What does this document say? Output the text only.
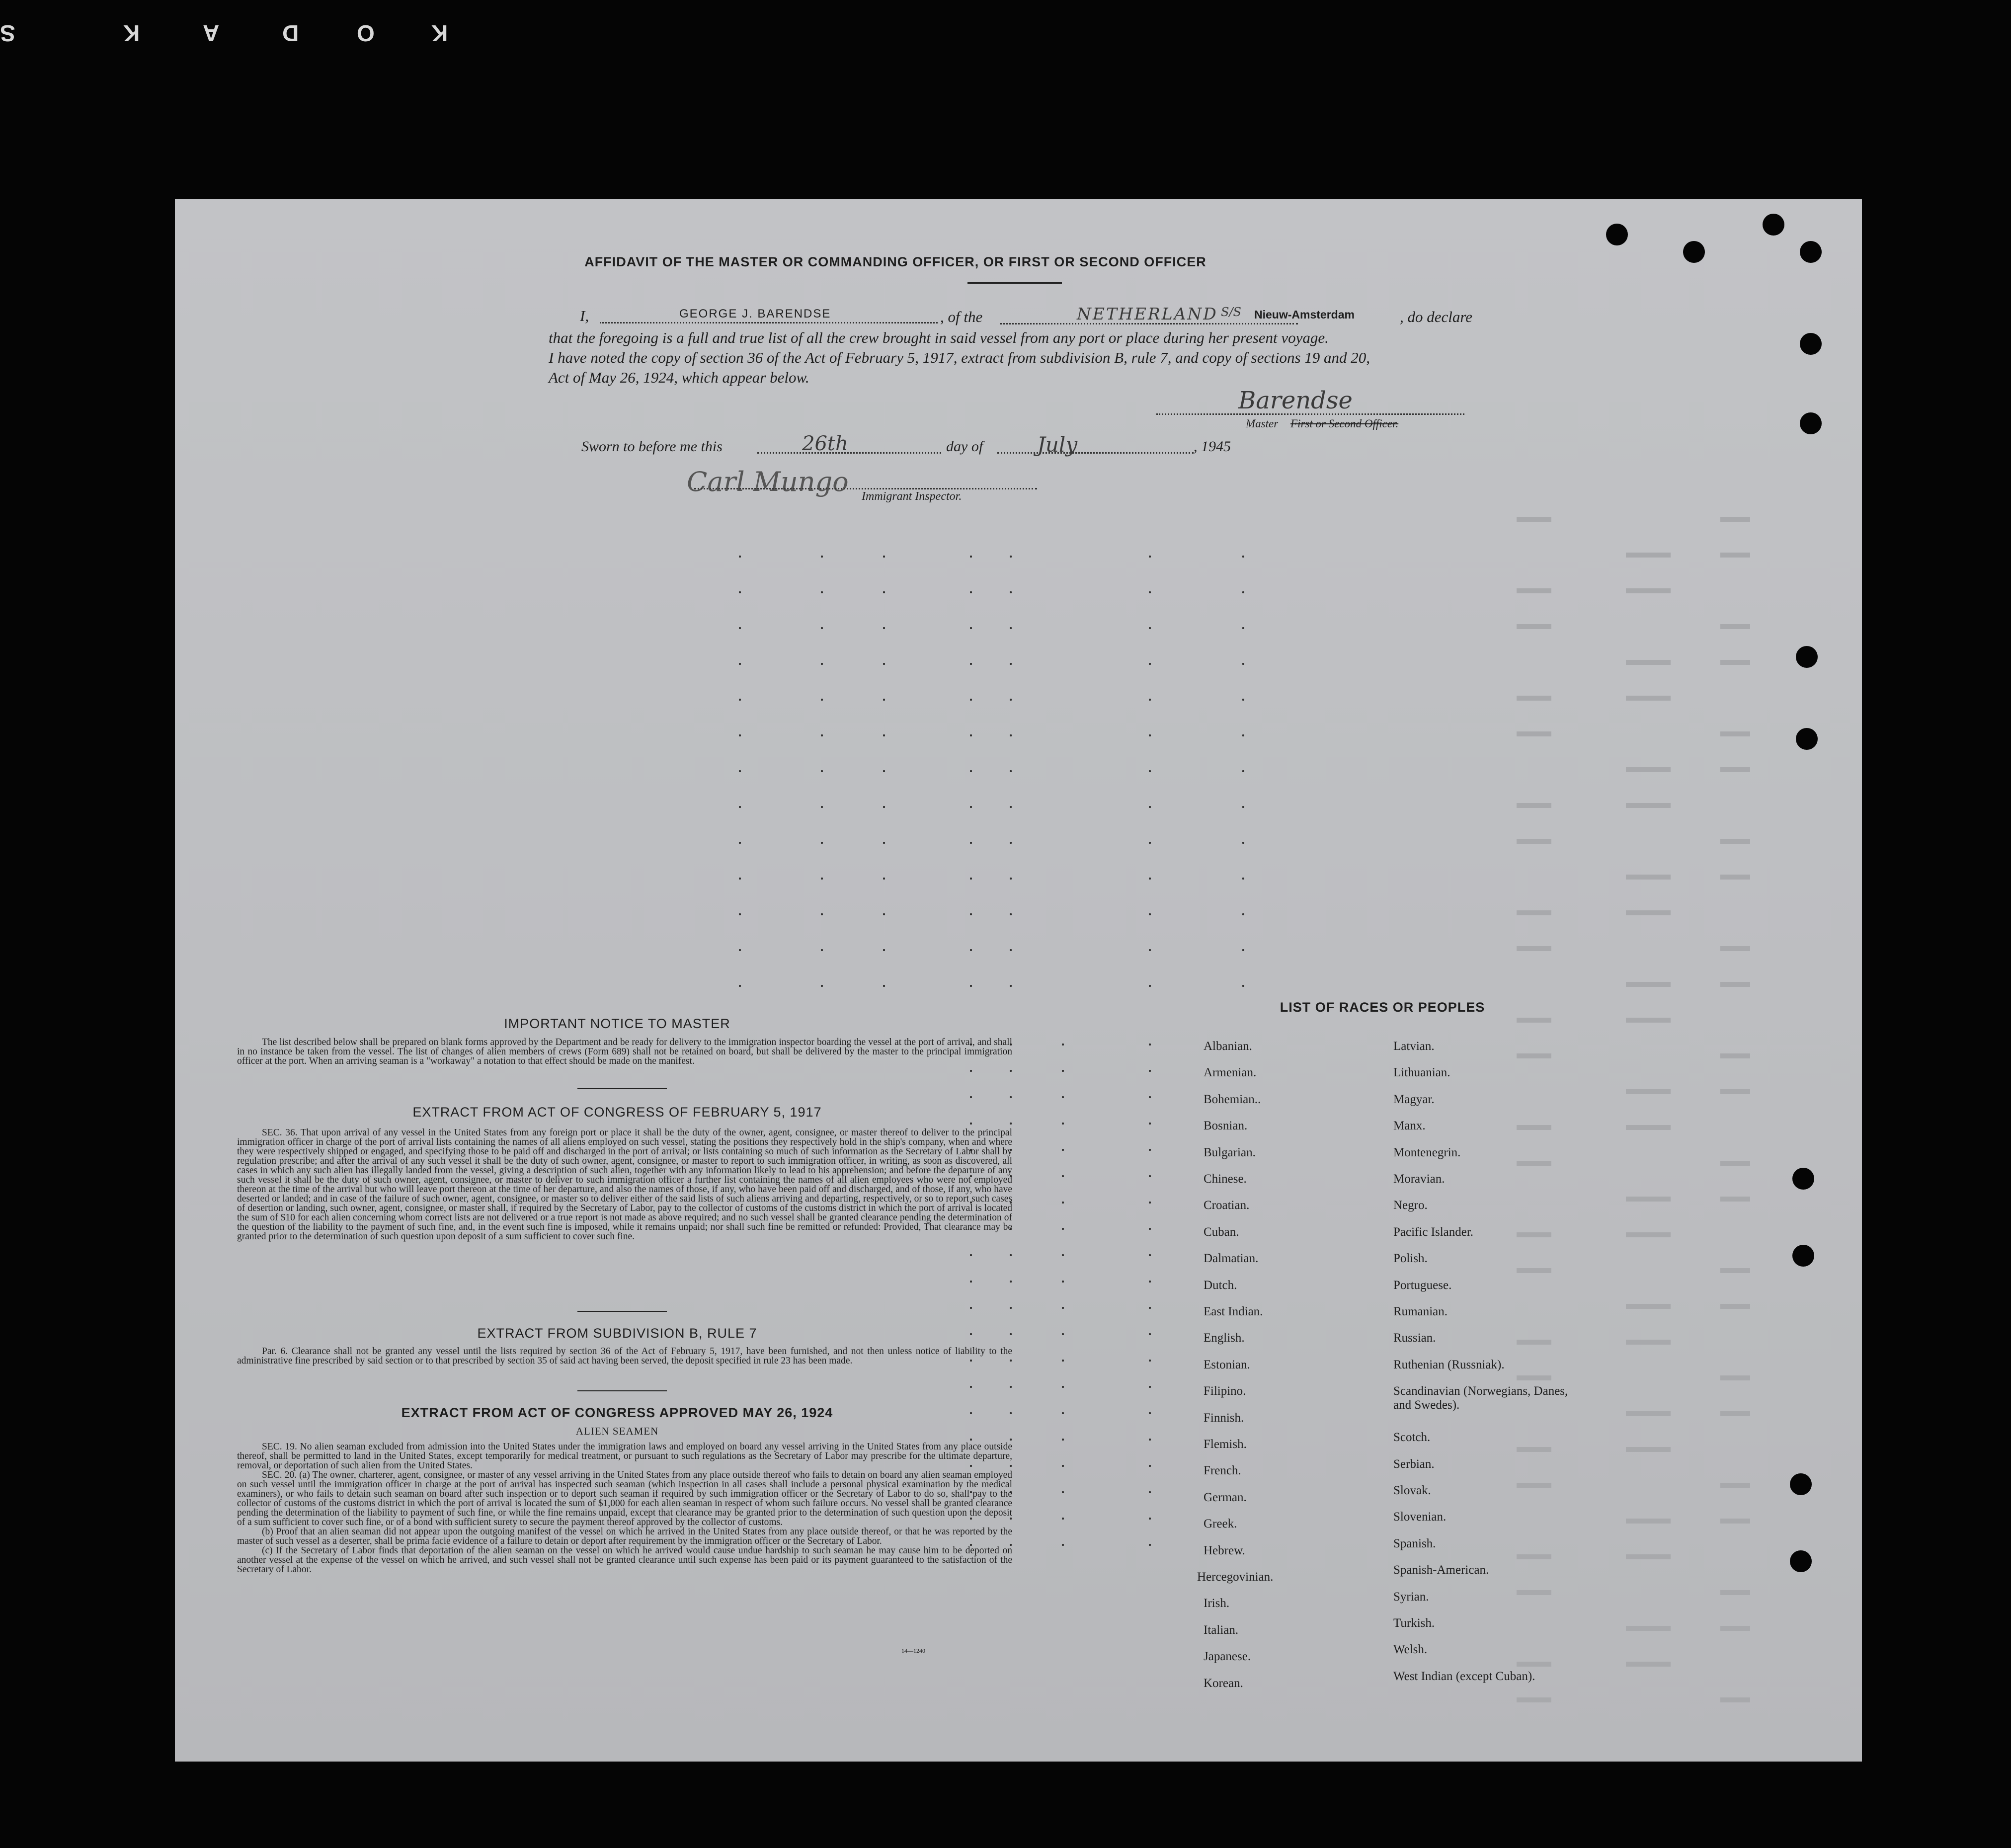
S	K	A	D	O K
AFFIDAVIT OF THE MASTER OR COMMANDING OFFICER, OR FIRST OR SECOND OFFICER
I,	GEORGE J. BARENDSE	, of the	NETHERLAND S/S Nieuw-Amsterdam	, do declare
that the foregoing is a full and true list of all the crew brought in said vessel from any port or place during her present voyage.
I have noted the copy of section 36 of the Act of February 5, 1917, extract from subdivision B, rule 7, and copy of sections 19 and 20,
Act of May 26, 1924, which appear below.
Barendse
Master First or Second Officer.
Sworn to before me this	26th	day of	July	, 1945
Carl Mungo Immigrant Inspector.
IMPORTANT NOTICE TO MASTER
The list described below shall be prepared on blank forms approved by the Department and be ready for delivery to the immigration inspector boarding the vessel at the port of arrival, and shall in no instance be taken from the vessel. The list of changes of alien members of crews (Form 689) shall not be retained on board, but shall be delivered by the master to the principal immigration officer at the port. When an arriving seaman is a "workaway" a notation to that effect should be made on the manifest.
EXTRACT FROM ACT OF CONGRESS OF FEBRUARY 5, 1917
SEC. 36. That upon arrival of any vessel in the United States from any foreign port or place it shall be the duty of the owner, agent, consignee, or master thereof to deliver to the principal immigration officer in charge of the port of arrival lists containing the names of all aliens employed on such vessel, stating the positions they respectively hold in the ship's company, when and where they were respectively shipped or engaged, and specifying those to be paid off and discharged in the port of arrival; or lists containing so much of such information as the Secretary of Labor shall by regulation prescribe; and after the arrival of any such vessel it shall be the duty of such owner, agent, consignee, or master to report to such immigration officer, in writing, as soon as discovered, all cases in which any such alien has illegally landed from the vessel, giving a description of such alien, together with any information likely to lead to his apprehension; and before the departure of any such vessel it shall be the duty of such owner, agent, consignee, or master to deliver to such immigration officer a further list containing the names of all alien employees who were not employed thereon at the time of the arrival but who will leave port thereon at the time of her departure, and also the names of those, if any, who have been paid off and discharged, and of those, if any, who have deserted or landed; and in case of the failure of such owner, agent, consignee, or master so to deliver either of the said lists of such aliens arriving and departing, respectively, or so to report such cases of desertion or landing, such owner, agent, consignee, or master shall, if required by the Secretary of Labor, pay to the collector of customs of the customs district in which the port of arrival is located the sum of $10 for each alien concerning whom correct lists are not delivered or a true report is not made as above required; and no such vessel shall be granted clearance pending the determination of the question of the liability to the payment of such fine, and, in the event such fine is imposed, while it remains unpaid; nor shall such fine be remitted or refunded: Provided, That clearance may be granted prior to the determination of such question upon deposit of a sum sufficient to cover such fine.
EXTRACT FROM SUBDIVISION B, RULE 7
Par. 6. Clearance shall not be granted any vessel until the lists required by section 36 of the Act of February 5, 1917, have been furnished, and not then unless notice of liability to the administrative fine prescribed by said section or to that prescribed by section 35 of said act having been served, the deposit specified in rule 23 has been made.
EXTRACT FROM ACT OF CONGRESS APPROVED MAY 26, 1924
ALIEN SEAMEN
SEC. 19. No alien seaman excluded from admission into the United States under the immigration laws and employed on board any vessel arriving in the United States from any place outside thereof, shall be permitted to land in the United States, except temporarily for medical treatment, or pursuant to such regulations as the Secretary of Labor may prescribe for the ultimate departure, removal, or deportation of such alien from the United States.
SEC. 20. (a) The owner, charterer, agent, consignee, or master of any vessel arriving in the United States from any place outside thereof who fails to detain on board any alien seaman employed on such vessel until the immigration officer in charge at the port of arrival has inspected such seaman (which inspection in all cases shall include a personal physical examination by the medical examiners), or who fails to detain such seaman on board after such inspection or to deport such seaman if required by such immigration officer or the Secretary of Labor to do so, shall pay to the collector of customs of the customs district in which the port of arrival is located the sum of $1,000 for each alien seaman in respect of whom such failure occurs. No vessel shall be granted clearance pending the determination of the liability to payment of such fine, or while the fine remains unpaid, except that clearance may be granted prior to the determination of such question upon the deposit of a sum sufficient to cover such fine, or of a bond with sufficient surety to secure the payment thereof approved by the collector of customs.
(b) Proof that an alien seaman did not appear upon the outgoing manifest of the vessel on which he arrived in the United States from any place outside thereof, or that he was reported by the master of such vessel as a deserter, shall be prima facie evidence of a failure to detain or deport after requirement by the immigration officer or the Secretary of Labor.
(c) If the Secretary of Labor finds that deportation of the alien seaman on the vessel on which he arrived would cause undue hardship to such seaman he may cause him to be deported on another vessel at the expense of the vessel on which he arrived, and such vessel shall not be granted clearance until such expense has been paid or its payment guaranteed to the satisfaction of the Secretary of Labor.
14—1240
LIST OF RACES OR PEOPLES
Albanian.
Armenian.
Bohemian..
Bosnian.
Bulgarian.
Chinese.
Croatian.
Cuban.
Dalmatian.
Dutch.
East Indian.
English.
Estonian.
Filipino.
Finnish.
Flemish.
French.
German.
Greek.
Hebrew.
Hercegovinian.
Irish.
Italian.
Japanese.
Korean.
Latvian.
Lithuanian.
Magyar.
Manx.
Montenegrin.
Moravian.
Negro.
Pacific Islander.
Polish.
Portuguese.
Rumanian.
Russian.
Ruthenian (Russniak).
Scandinavian (Norwegians, Danes, and Swedes).
Scotch.
Serbian.
Slovak.
Slovenian.
Spanish.
Spanish-American.
Syrian.
Turkish.
Welsh.
West Indian (except Cuban).
